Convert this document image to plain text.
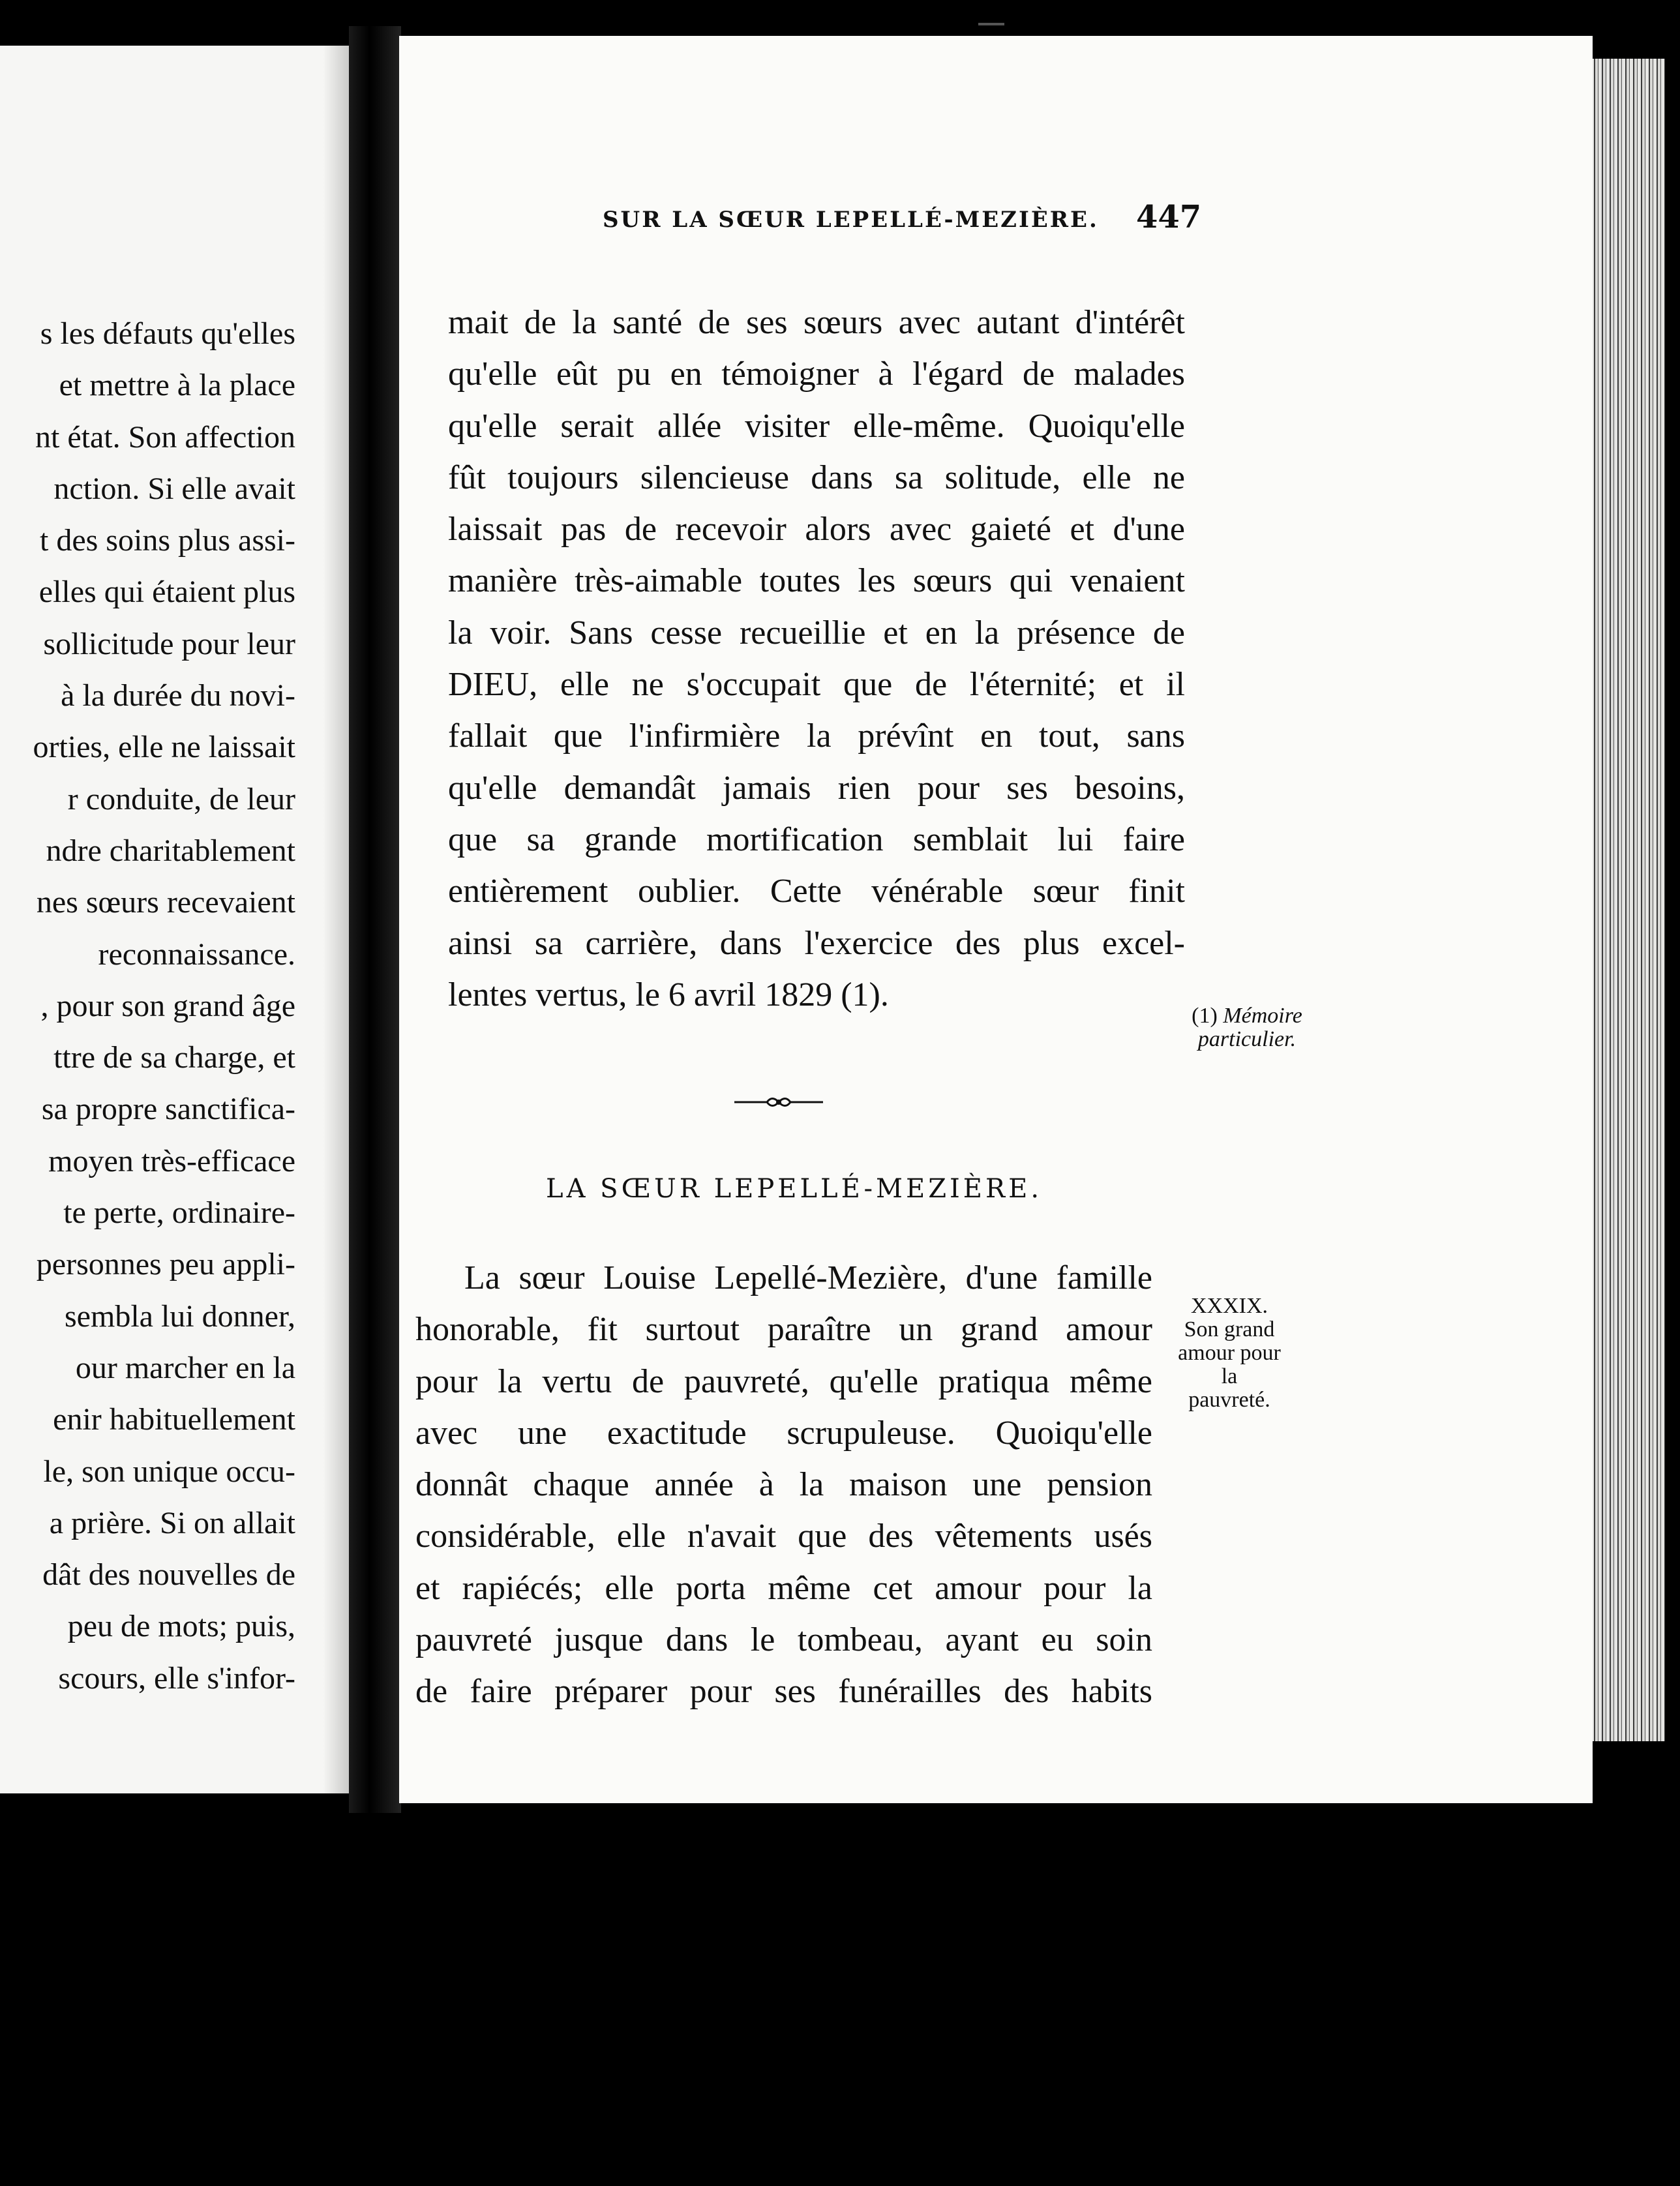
s les défauts qu'elles
et mettre à la place
nt état. Son affection
nction. Si elle avait
t des soins plus assi-
elles qui étaient plus
sollicitude pour leur
à la durée du novi-
orties, elle ne laissait
r conduite, de leur
ndre charitablement
nes sœurs recevaient
reconnaissance.
, pour son grand âge
ttre de sa charge, et
sa propre sanctifica-
moyen très-efficace
te perte, ordinaire-
personnes peu appli-
sembla lui donner,
our marcher en la
enir habituellement
le, son unique occu-
a prière. Si on allait
dât des nouvelles de
peu de mots; puis,
scours, elle s'infor-
SUR LA SŒUR LEPELLÉ-MEZIÈRE. 447
mait de la santé de ses sœurs avec autant d'intérêt
qu'elle eût pu en témoigner à l'égard de malades
qu'elle serait allée visiter elle-même. Quoiqu'elle
fût toujours silencieuse dans sa solitude, elle ne
laissait pas de recevoir alors avec gaieté et d'une
manière très-aimable toutes les sœurs qui venaient
la voir. Sans cesse recueillie et en la présence de
DIEU, elle ne s'occupait que de l'éternité; et il
fallait que l'infirmière la prévînt en tout, sans
qu'elle demandât jamais rien pour ses besoins,
que sa grande mortification semblait lui faire
entièrement oublier. Cette vénérable sœur finit
ainsi sa carrière, dans l'exercice des plus excel-
lentes vertus, le 6 avril 1829 (1).
(1) Mémoire
particulier.
LA SŒUR LEPELLÉ-MEZIÈRE.
La sœur Louise Lepellé-Mezière, d'une famille
honorable, fit surtout paraître un grand amour
pour la vertu de pauvreté, qu'elle pratiqua même
avec une exactitude scrupuleuse. Quoiqu'elle
donnât chaque année à la maison une pension
considérable, elle n'avait que des vêtements usés
et rapiécés; elle porta même cet amour pour la
pauvreté jusque dans le tombeau, ayant eu soin
de faire préparer pour ses funérailles des habits
XXXIX.
Son grand
amour pour
la
pauvreté.
